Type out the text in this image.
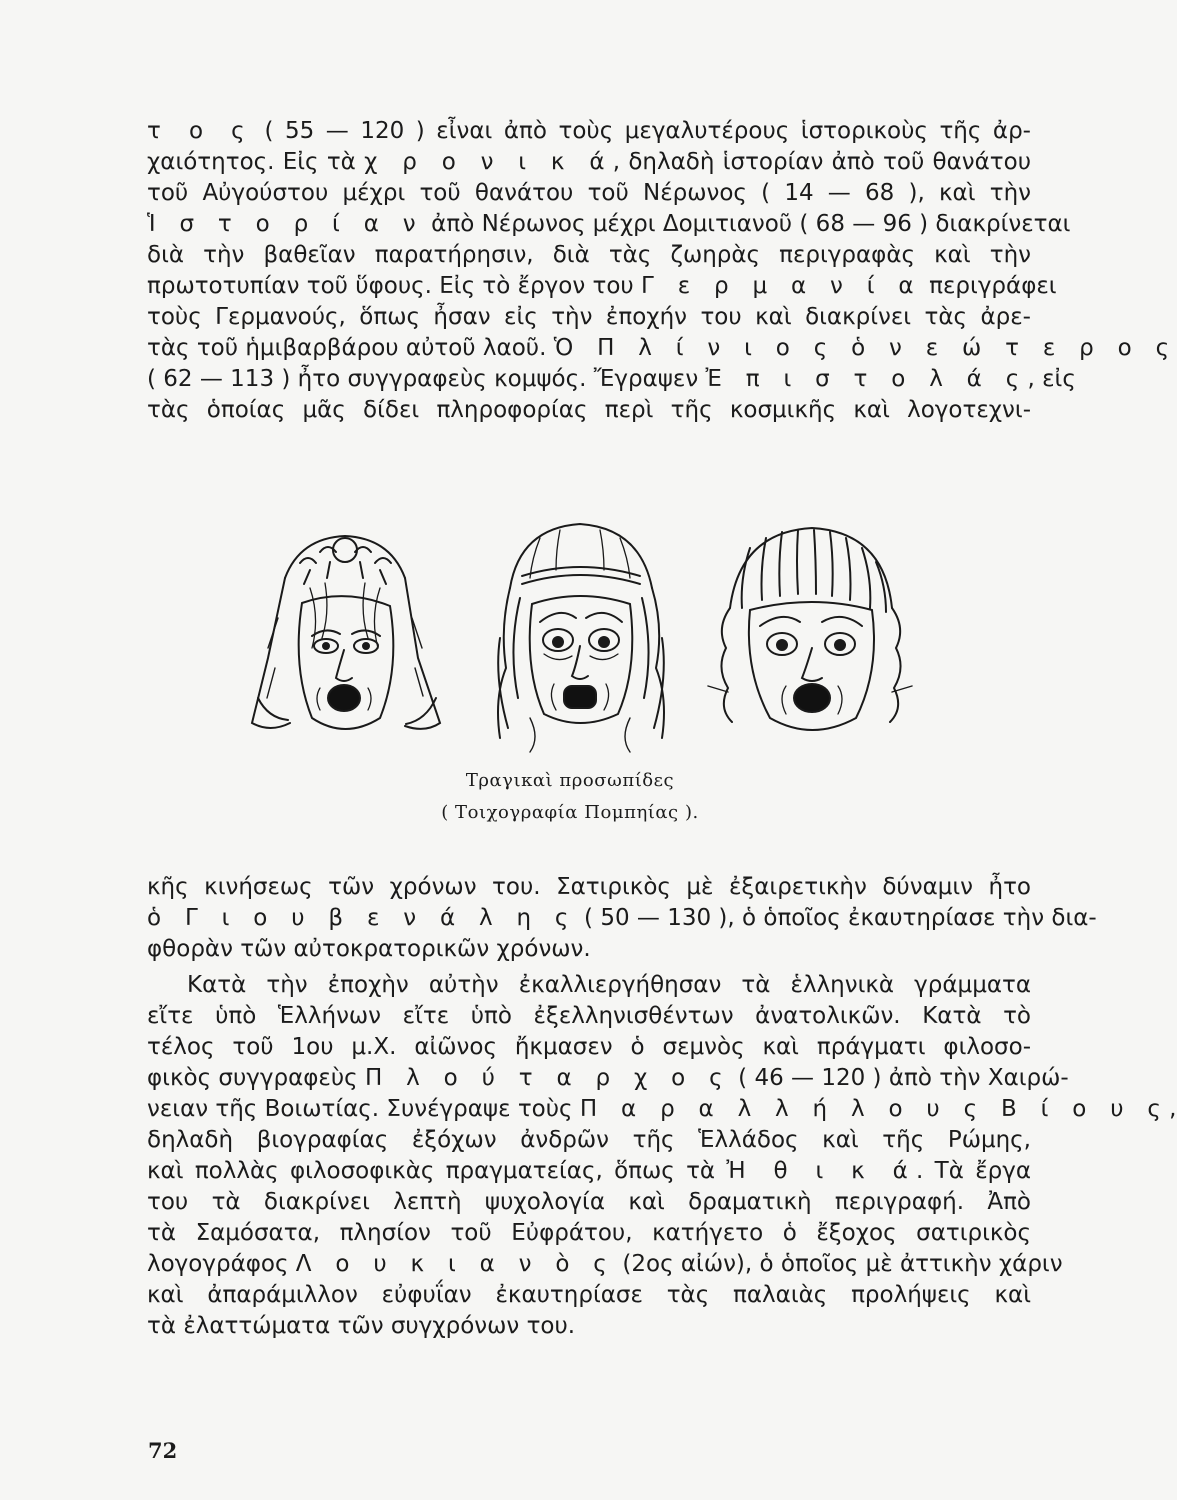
τ ο ς ( 55 — 120 ) εἶναι ἀπὸ τοὺς μεγαλυτέρους ἱστορικοὺς τῆς ἀρ-
χαιότητος. Εἰς τὰ χ ρ ο ν ι κ ά, δηλαδὴ ἱστορίαν ἀπὸ τοῦ θανάτου
τοῦ Αὐγούστου μέχρι τοῦ θανάτου τοῦ Νέρωνος ( 14 — 68 ), καὶ τὴν
Ἱ σ τ ο ρ ί α ν ἀπὸ Νέρωνος μέχρι Δομιτιανοῦ ( 68 — 96 ) διακρίνεται
διὰ τὴν βαθεῖαν παρατήρησιν, διὰ τὰς ζωηρὰς περιγραφὰς καὶ τὴν
πρωτοτυπίαν τοῦ ὕφους. Εἰς τὸ ἔργον του Γ ε ρ μ α ν ί α περιγράφει
τοὺς Γερμανούς, ὅπως ἦσαν εἰς τὴν ἐποχήν του καὶ διακρίνει τὰς ἀρε-
τὰς τοῦ ἡμιβαρβάρου αὐτοῦ λαοῦ. Ὁ Π λ ί ν ι ο ς ὁ ν ε ώ τ ε ρ ο ς
( 62 — 113 ) ἦτο συγγραφεὺς κομψός. Ἔγραψεν Ἐ π ι σ τ ο λ ά ς, εἰς
τὰς ὁποίας μᾶς δίδει πληροφορίας περὶ τῆς κοσμικῆς καὶ λογοτεχνι-
Τραγικαὶ προσωπίδες
( Τοιχογραφία Πομπηίας ).
κῆς κινήσεως τῶν χρόνων του. Σατιρικὸς μὲ ἐξαιρετικὴν δύναμιν ἦτο
ὁ Γ ι ο υ β ε ν ά λ η ς ( 50 — 130 ), ὁ ὁποῖος ἐκαυτηρίασε τὴν δια-
φθορὰν τῶν αὐτοκρατορικῶν χρόνων.
Κατὰ τὴν ἐποχὴν αὐτὴν ἐκαλλιεργήθησαν τὰ ἑλληνικὰ γράμματα
εἴτε ὑπὸ Ἑλλήνων εἴτε ὑπὸ ἐξελληνισθέντων ἀνατολικῶν. Κατὰ τὸ
τέλος τοῦ 1ου μ.Χ. αἰῶνος ἤκμασεν ὁ σεμνὸς καὶ πράγματι φιλοσο-
φικὸς συγγραφεὺς Π λ ο ύ τ α ρ χ ο ς ( 46 — 120 ) ἀπὸ τὴν Χαιρώ-
νειαν τῆς Βοιωτίας. Συνέγραψε τοὺς Π α ρ α λ λ ή λ ο υ ς Β ί ο υ ς,
δηλαδὴ βιογραφίας ἐξόχων ἀνδρῶν τῆς Ἑλλάδος καὶ τῆς Ρώμης,
καὶ πολλὰς φιλοσοφικὰς πραγματείας, ὅπως τὰ Ἠ θ ι κ ά. Τὰ ἔργα
του τὰ διακρίνει λεπτὴ ψυχολογία καὶ δραματικὴ περιγραφή. Ἀπὸ
τὰ Σαμόσατα, πλησίον τοῦ Εὐφράτου, κατήγετο ὁ ἔξοχος σατιρικὸς
λογογράφος Λ ο υ κ ι α ν ὸ ς (2ος αἰών), ὁ ὁποῖος μὲ ἀττικὴν χάριν
καὶ ἀπαράμιλλον εὐφυΐαν ἐκαυτηρίασε τὰς παλαιὰς προλήψεις καὶ
τὰ ἐλαττώματα τῶν συγχρόνων του.
72
